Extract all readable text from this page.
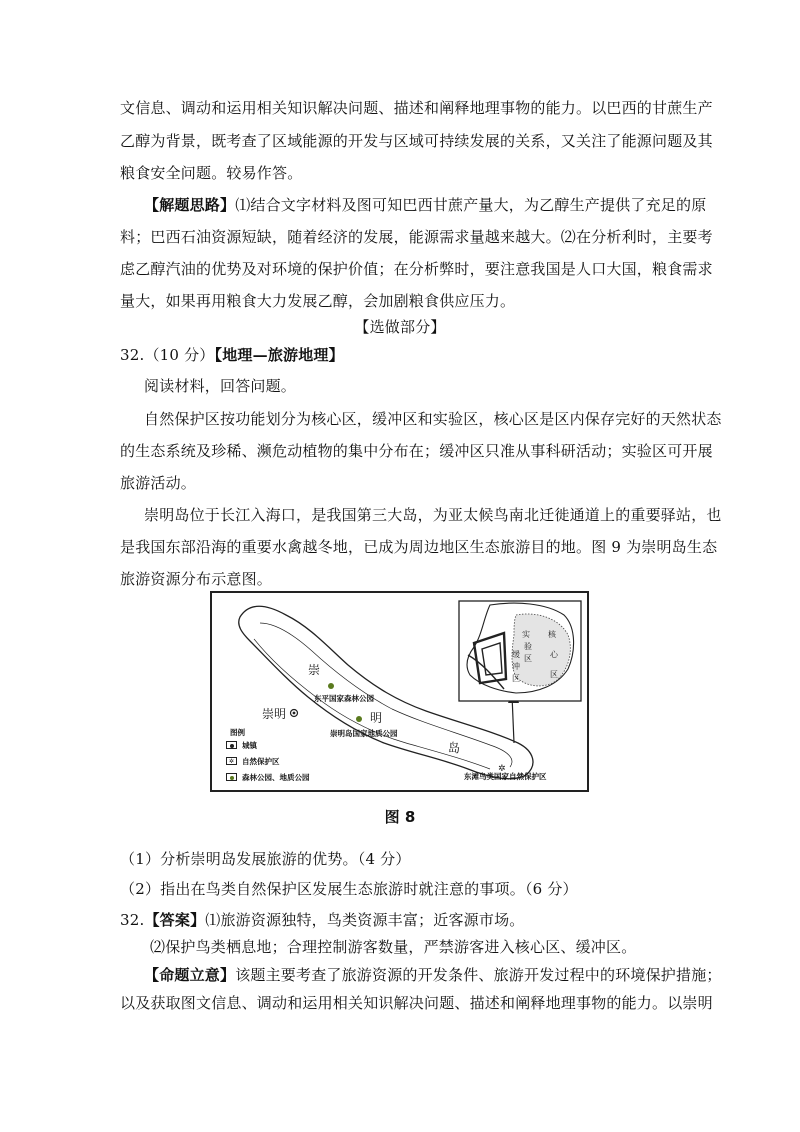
文信息、调动和运用相关知识解决问题、描述和阐释地理事物的能力。以巴西的甘蔗生产
乙醇为背景，既考查了区域能源的开发与区域可持续发展的关系，又关注了能源问题及其
粮食安全问题。较易作答。
【解题思路】⑴结合文字材料及图可知巴西甘蔗产量大，为乙醇生产提供了充足的原
料；巴西石油资源短缺，随着经济的发展，能源需求量越来越大。⑵在分析利时，主要考
虑乙醇汽油的优势及对环境的保护价值；在分析弊时，要注意我国是人口大国，粮食需求
量大，如果再用粮食大力发展乙醇，会加剧粮食供应压力。
【选做部分】
32.（10 分）【地理—旅游地理】
阅读材料，回答问题。
自然保护区按功能划分为核心区，缓冲区和实验区，核心区是区内保存完好的天然状态
的生态系统及珍稀、濒危动植物的集中分布在；缓冲区只准从事科研活动；实验区可开展
旅游活动。
崇明岛位于长江入海口，是我国第三大岛，为亚太候鸟南北迁徙通道上的重要驿站，也
是我国东部沿海的重要水禽越冬地，已成为周边地区生态旅游目的地。图 9 为崇明岛生态
旅游资源分布示意图。
✲
崇
明
岛
崇明
东平国家森林公园
崇明岛国家地质公园
东滩鸟类国家自然保护区
实
验
区
缓
冲
区
核
心
区
图例
城镇
✲	自然保护区
森林公园、地质公园
图 8
（1）分析崇明岛发展旅游的优势。（4 分）
（2）指出在鸟类自然保护区发展生态旅游时就注意的事项。（6 分）
32.【答案】⑴旅游资源独特，鸟类资源丰富；近客源市场。
⑵保护鸟类栖息地；合理控制游客数量，严禁游客进入核心区、缓冲区。
【命题立意】该题主要考查了旅游资源的开发条件、旅游开发过程中的环境保护措施；
以及获取图文信息、调动和运用相关知识解决问题、描述和阐释地理事物的能力。以崇明
